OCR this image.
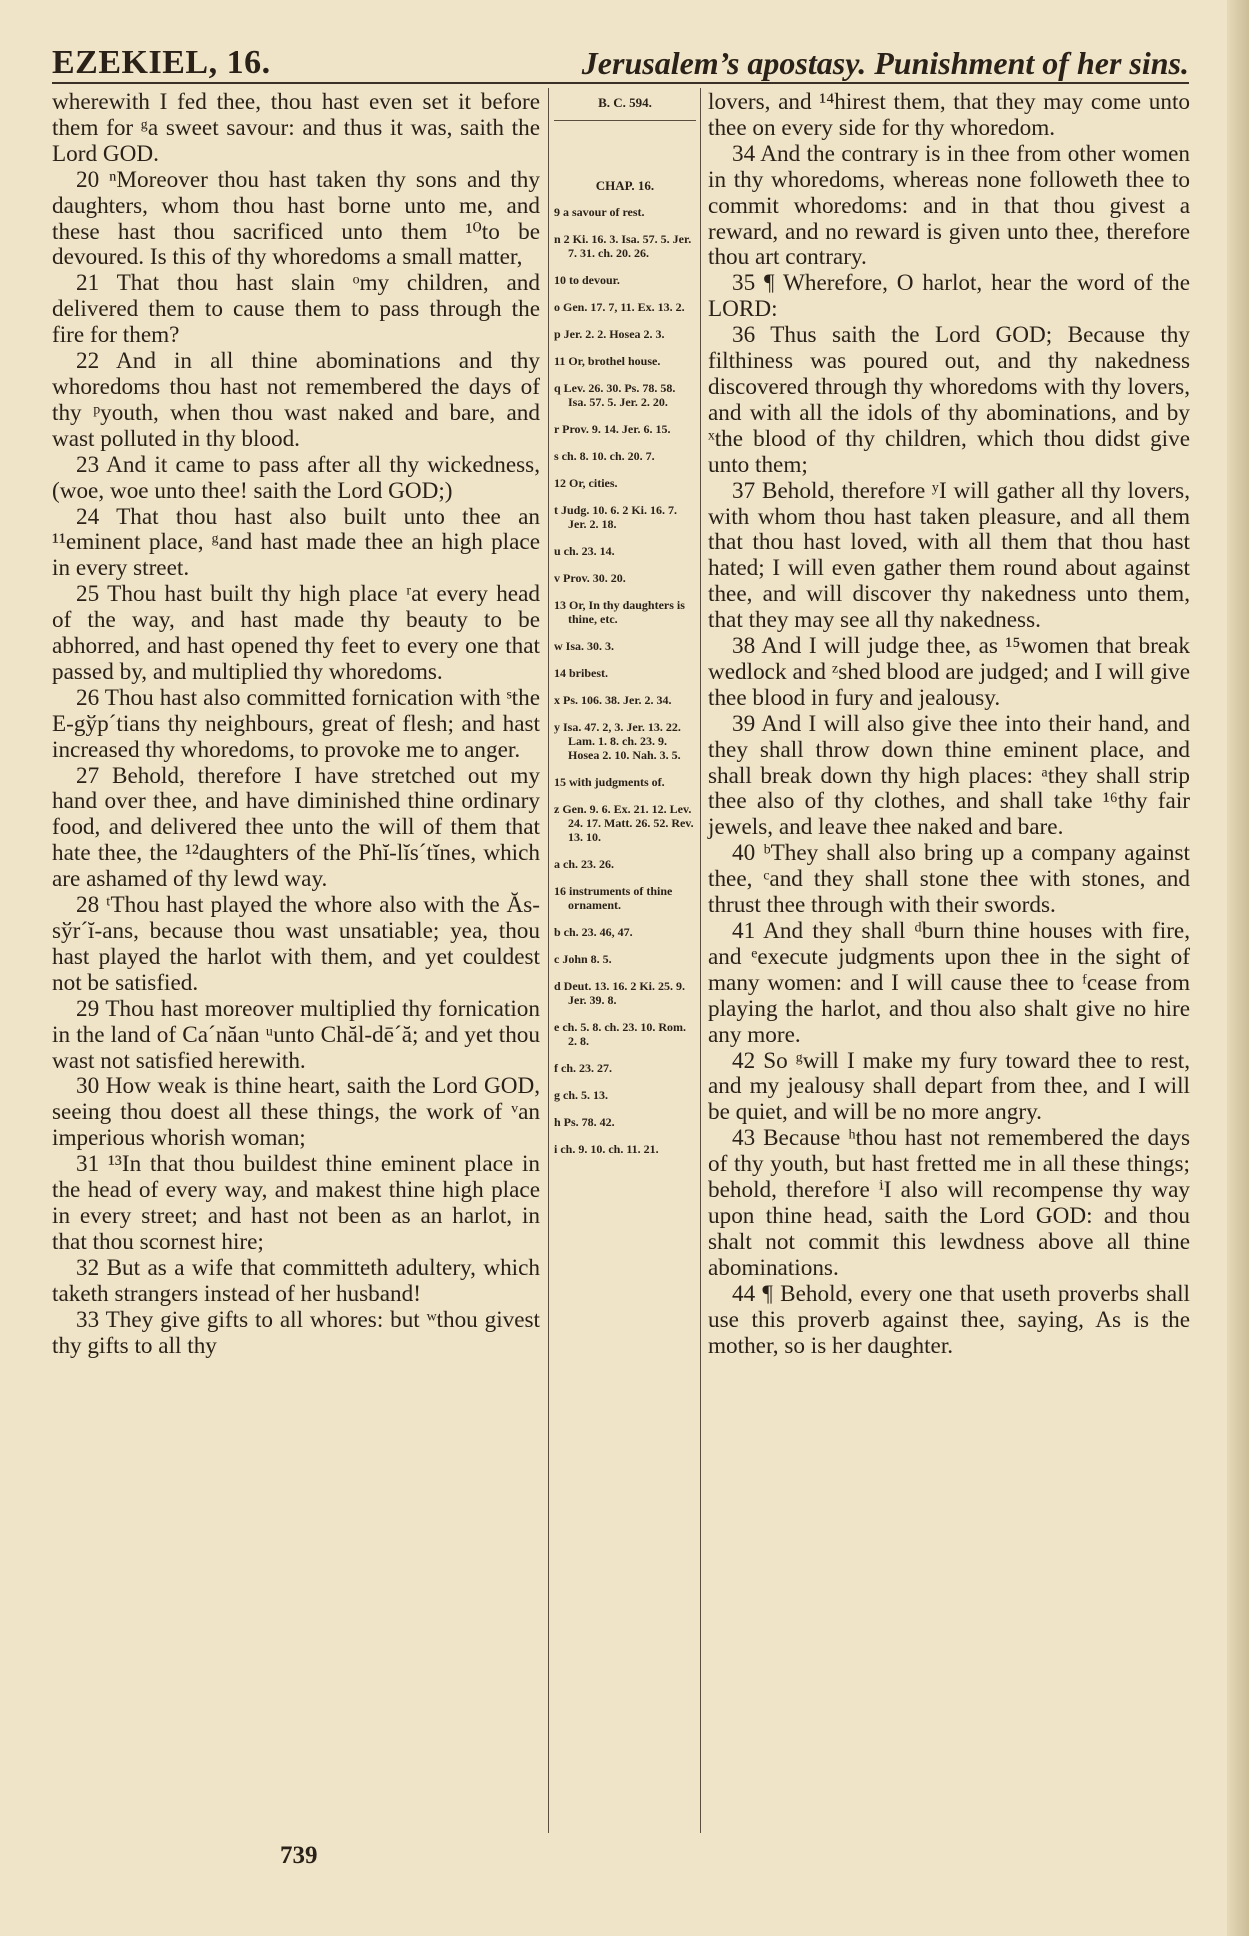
EZEKIEL, 16.	Jerusalem’s apostasy. Punishment of her sins.

wherewith I fed thee, thou hast even set it before them for ᵍa sweet savour: and thus it was, saith the Lord GOD.

20 ⁿMoreover thou hast taken thy sons and thy daughters, whom thou hast borne unto me, and these hast thou sacrificed unto them ¹⁰to be devoured. Is this of thy whoredoms a small matter,

21 That thou hast slain ᵒmy children, and delivered them to cause them to pass through the fire for them?

22 And in all thine abominations and thy whoredoms thou hast not remembered the days of thy ᵖyouth, when thou wast naked and bare, and wast polluted in thy blood.

23 And it came to pass after all thy wickedness, (woe, woe unto thee! saith the Lord GOD;)

24 That thou hast also built unto thee an ¹¹eminent place, ᵍand hast made thee an high place in every street.

25 Thou hast built thy high place ʳat every head of the way, and hast made thy beauty to be abhorred, and hast opened thy feet to every one that passed by, and multiplied thy whoredoms.

26 Thou hast also committed fornication with ˢthe E-gўp´tians thy neighbours, great of flesh; and hast increased thy whoredoms, to provoke me to anger.

27 Behold, therefore I have stretched out my hand over thee, and have diminished thine ordinary food, and delivered thee unto the will of them that hate thee, the ¹²daughters of the Phĭ-lĭs´tĭnes, which are ashamed of thy lewd way.

28 ᵗThou hast played the whore also with the Ăs-sўr´ĭ-ans, because thou wast unsatiable; yea, thou hast played the harlot with them, and yet couldest not be satisfied.

29 Thou hast moreover multiplied thy fornication in the land of Ca´năan ᵘunto Chăl-dē´ă; and yet thou wast not satisfied herewith.

30 How weak is thine heart, saith the Lord GOD, seeing thou doest all these things, the work of ᵛan imperious whorish woman;

31 ¹³In that thou buildest thine eminent place in the head of every way, and makest thine high place in every street; and hast not been as an harlot, in that thou scornest hire;

32 But as a wife that committeth adultery, which taketh strangers instead of her husband!

33 They give gifts to all whores: but ʷthou givest thy gifts to all thy

B. C. 594.
CHAP. 16.
9 a savour of rest.
n 2 Ki. 16. 3. Isa. 57. 5. Jer. 7. 31. ch. 20. 26.
10 to devour.
o Gen. 17. 7, 11. Ex. 13. 2.
p Jer. 2. 2. Hosea 2. 3.
11 Or, brothel house.
q Lev. 26. 30. Ps. 78. 58. Isa. 57. 5. Jer. 2. 20.
r Prov. 9. 14. Jer. 6. 15.
s ch. 8. 10. ch. 20. 7.
12 Or, cities.
t Judg. 10. 6. 2 Ki. 16. 7. Jer. 2. 18.
u ch. 23. 14.
v Prov. 30. 20.
13 Or, In thy daughters is thine, etc.
w Isa. 30. 3.
14 bribest.
x Ps. 106. 38. Jer. 2. 34.
y Isa. 47. 2, 3. Jer. 13. 22. Lam. 1. 8. ch. 23. 9. Hosea 2. 10. Nah. 3. 5.
15 with judgments of.
z Gen. 9. 6. Ex. 21. 12. Lev. 24. 17. Matt. 26. 52. Rev. 13. 10.
a ch. 23. 26.
16 instruments of thine ornament.
b ch. 23. 46, 47.
c John 8. 5.
d Deut. 13. 16. 2 Ki. 25. 9. Jer. 39. 8.
e ch. 5. 8. ch. 23. 10. Rom. 2. 8.
f ch. 23. 27.
g ch. 5. 13.
h Ps. 78. 42.
i ch. 9. 10. ch. 11. 21.

lovers, and ¹⁴hirest them, that they may come unto thee on every side for thy whoredom.

34 And the contrary is in thee from other women in thy whoredoms, whereas none followeth thee to commit whoredoms: and in that thou givest a reward, and no reward is given unto thee, therefore thou art contrary.

35 ¶ Wherefore, O harlot, hear the word of the LORD:

36 Thus saith the Lord GOD; Because thy filthiness was poured out, and thy nakedness discovered through thy whoredoms with thy lovers, and with all the idols of thy abominations, and by ˣthe blood of thy children, which thou didst give unto them;

37 Behold, therefore ʸI will gather all thy lovers, with whom thou hast taken pleasure, and all them that thou hast loved, with all them that thou hast hated; I will even gather them round about against thee, and will discover thy nakedness unto them, that they may see all thy nakedness.

38 And I will judge thee, as ¹⁵women that break wedlock and ᶻshed blood are judged; and I will give thee blood in fury and jealousy.

39 And I will also give thee into their hand, and they shall throw down thine eminent place, and shall break down thy high places: ᵃthey shall strip thee also of thy clothes, and shall take ¹⁶thy fair jewels, and leave thee naked and bare.

40 ᵇThey shall also bring up a company against thee, ᶜand they shall stone thee with stones, and thrust thee through with their swords.

41 And they shall ᵈburn thine houses with fire, and ᵉexecute judgments upon thee in the sight of many women: and I will cause thee to ᶠcease from playing the harlot, and thou also shalt give no hire any more.

42 So ᵍwill I make my fury toward thee to rest, and my jealousy shall depart from thee, and I will be quiet, and will be no more angry.

43 Because ʰthou hast not remembered the days of thy youth, but hast fretted me in all these things; behold, therefore ⁱI also will recompense thy way upon thine head, saith the Lord GOD: and thou shalt not commit this lewdness above all thine abominations.

44 ¶ Behold, every one that useth proverbs shall use this proverb against thee, saying, As is the mother, so is her daughter.

739
